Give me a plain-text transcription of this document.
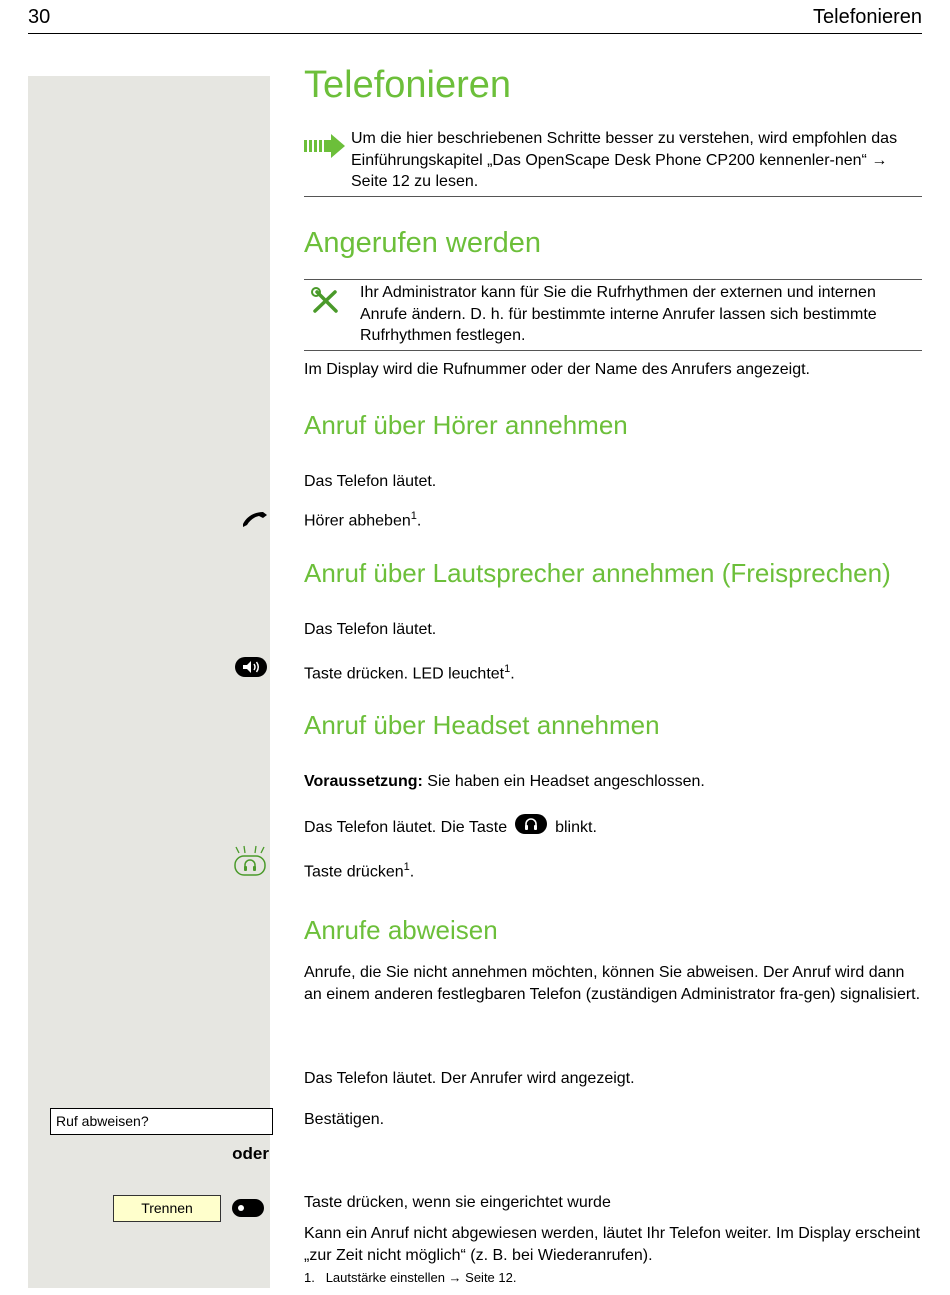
30	Telefonieren
Telefonieren
Um die hier beschriebenen Schritte besser zu verstehen, wird empfohlen das Einführungskapitel „Das OpenScape Desk Phone CP200 kennenler-nen“ → Seite 12 zu lesen.
Angerufen werden
Ihr Administrator kann für Sie die Rufrhythmen der externen und internen Anrufe ändern. D. h. für bestimmte interne Anrufer lassen sich bestimmte Rufrhythmen festlegen.
Im Display wird die Rufnummer oder der Name des Anrufers angezeigt.
Anruf über Hörer annehmen
Das Telefon läutet.
Hörer abheben$^1$.
Anruf über Lautsprecher annehmen (Freisprechen)
Das Telefon läutet.
Taste drücken. LED leuchtet$^1$.
Anruf über Headset annehmen
Voraussetzung: Sie haben ein Headset angeschlossen.
Das Telefon läutet. Die Taste	blinkt.
Taste drücken$^1$.
Anrufe abweisen
Anrufe, die Sie nicht annehmen möchten, können Sie abweisen. Der Anruf wird dann an einem anderen festlegbaren Telefon (zuständigen Administrator fra-gen) signalisiert.
Das Telefon läutet. Der Anrufer wird angezeigt.
Ruf abweisen?	Bestätigen.
oder
Trennen	Taste drücken, wenn sie eingerichtet wurde
Kann ein Anruf nicht abgewiesen werden, läutet Ihr Telefon weiter. Im Display erscheint „zur Zeit nicht möglich“ (z. B. bei Wiederanrufen).
1. Lautstärke einstellen → Seite 12.
